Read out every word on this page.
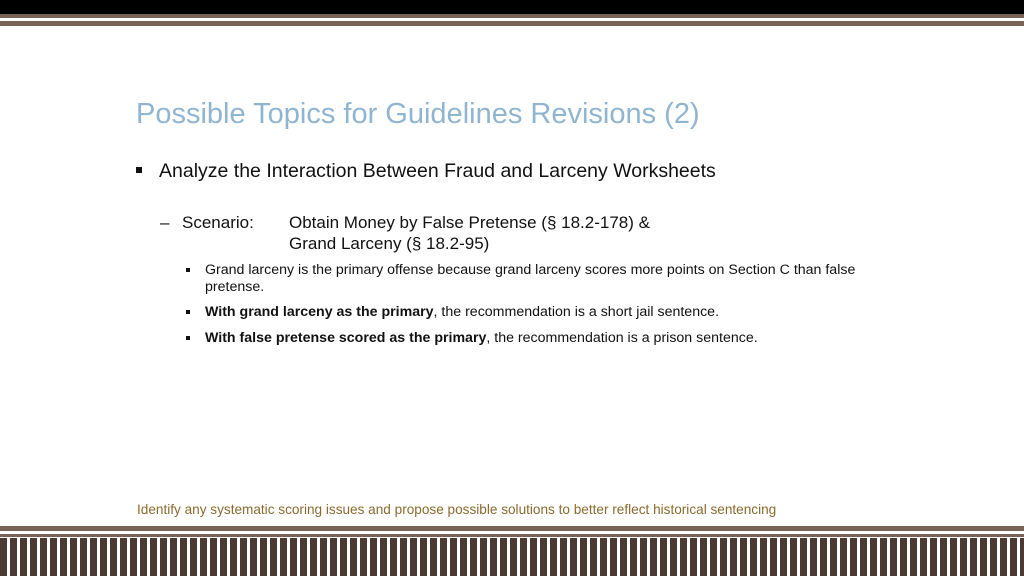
Possible Topics for Guidelines Revisions (2)
Analyze the Interaction Between Fraud and Larceny Worksheets
– Scenario: Obtain Money by False Pretense (§ 18.2-178) &
Grand Larceny (§ 18.2-95)
Grand larceny is the primary offense because grand larceny scores more points on Section C than false pretense.
With grand larceny as the primary, the recommendation is a short jail sentence.
With false pretense scored as the primary, the recommendation is a prison sentence.

Identify any systematic scoring issues and propose possible solutions to better reflect historical sentencing
